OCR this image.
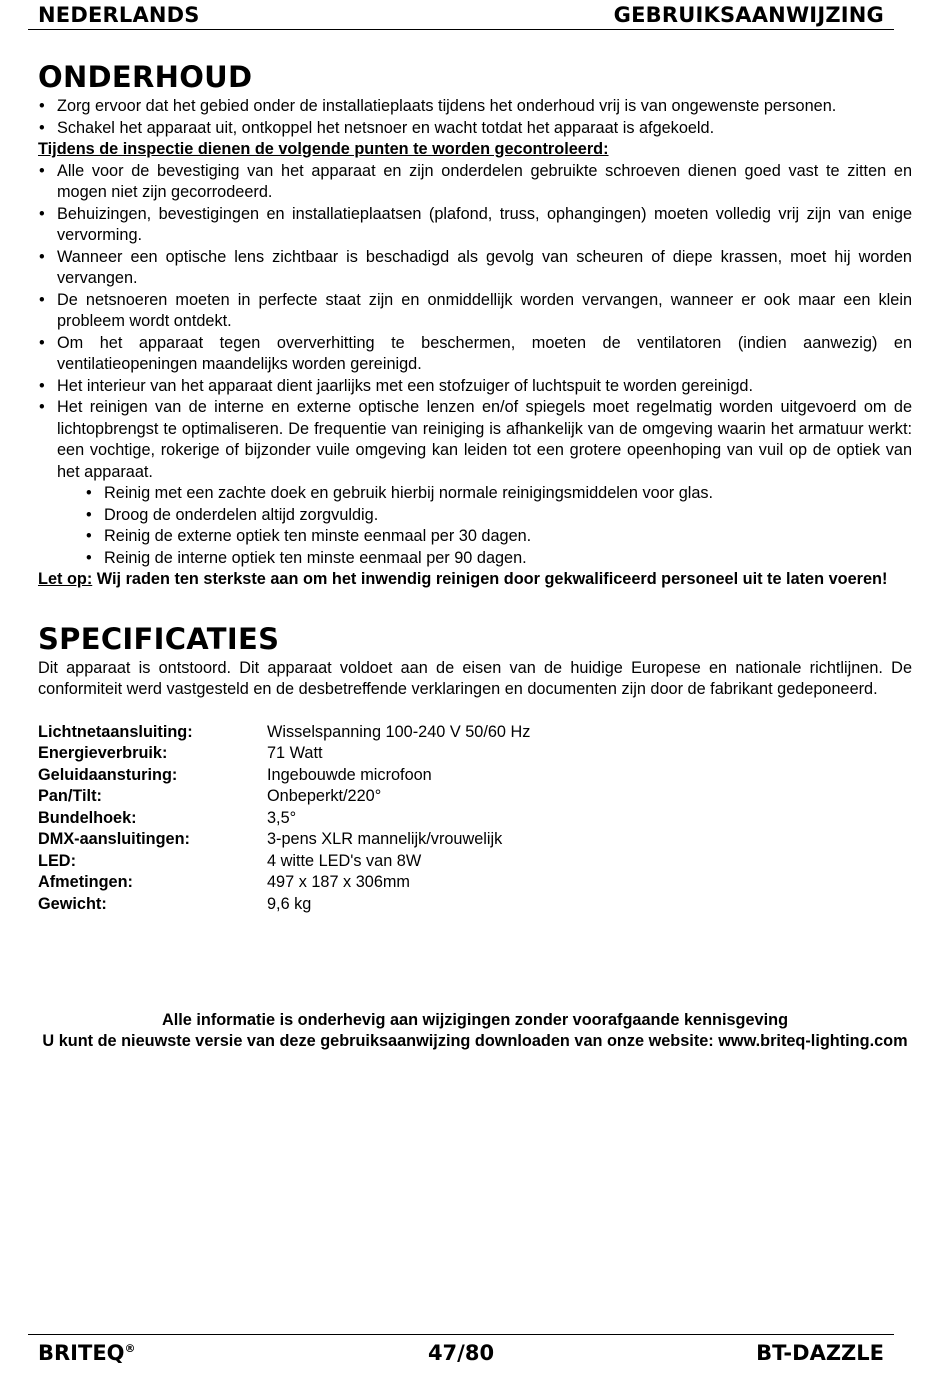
NEDERLANDS	GEBRUIKSAANWIJZING
ONDERHOUD
• Zorg ervoor dat het gebied onder de installatieplaats tijdens het onderhoud vrij is van ongewenste personen.
• Schakel het apparaat uit, ontkoppel het netsnoer en wacht totdat het apparaat is afgekoeld.
Tijdens de inspectie dienen de volgende punten te worden gecontroleerd:
• Alle voor de bevestiging van het apparaat en zijn onderdelen gebruikte schroeven dienen goed vast te zitten en mogen niet zijn gecorrodeerd.
• Behuizingen, bevestigingen en installatieplaatsen (plafond, truss, ophangingen) moeten volledig vrij zijn van enige vervorming.
• Wanneer een optische lens zichtbaar is beschadigd als gevolg van scheuren of diepe krassen, moet hij worden vervangen.
• De netsnoeren moeten in perfecte staat zijn en onmiddellijk worden vervangen, wanneer er ook maar een klein probleem wordt ontdekt.
• Om het apparaat tegen oververhitting te beschermen, moeten de ventilatoren (indien aanwezig) en ventilatieopeningen maandelijks worden gereinigd.
• Het interieur van het apparaat dient jaarlijks met een stofzuiger of luchtspuit te worden gereinigd.
• Het reinigen van de interne en externe optische lenzen en/of spiegels moet regelmatig worden uitgevoerd om de lichtopbrengst te optimaliseren. De frequentie van reiniging is afhankelijk van de omgeving waarin het armatuur werkt: een vochtige, rokerige of bijzonder vuile omgeving kan leiden tot een grotere opeenhoping van vuil op de optiek van het apparaat.
• Reinig met een zachte doek en gebruik hierbij normale reinigingsmiddelen voor glas.
• Droog de onderdelen altijd zorgvuldig.
• Reinig de externe optiek ten minste eenmaal per 30 dagen.
• Reinig de interne optiek ten minste eenmaal per 90 dagen.
Let op: Wij raden ten sterkste aan om het inwendig reinigen door gekwalificeerd personeel uit te laten voeren!
SPECIFICATIES

Dit apparaat is ontstoord. Dit apparaat voldoet aan de eisen van de huidige Europese en nationale richtlijnen. De conformiteit werd vastgesteld en de desbetreffende verklaringen en documenten zijn door de fabrikant gedeponeerd.

Lichtnetaansluiting:	Wisselspanning 100-240 V 50/60 Hz
Energieverbruik:	71 Watt
Geluidaansturing:	Ingebouwde microfoon
Pan/Tilt:	Onbeperkt/220°
Bundelhoek:	3,5°
DMX-aansluitingen:	3-pens XLR mannelijk/vrouwelijk
LED:	4 witte LED's van 8W
Afmetingen:	497 x 187 x 306mm
Gewicht:	9,6 kg
Alle informatie is onderhevig aan wijzigingen zonder voorafgaande kennisgeving
U kunt de nieuwste versie van deze gebruiksaanwijzing downloaden van onze website: www.briteq-lighting.com
BRITEQ®	47/80	BT-DAZZLE
